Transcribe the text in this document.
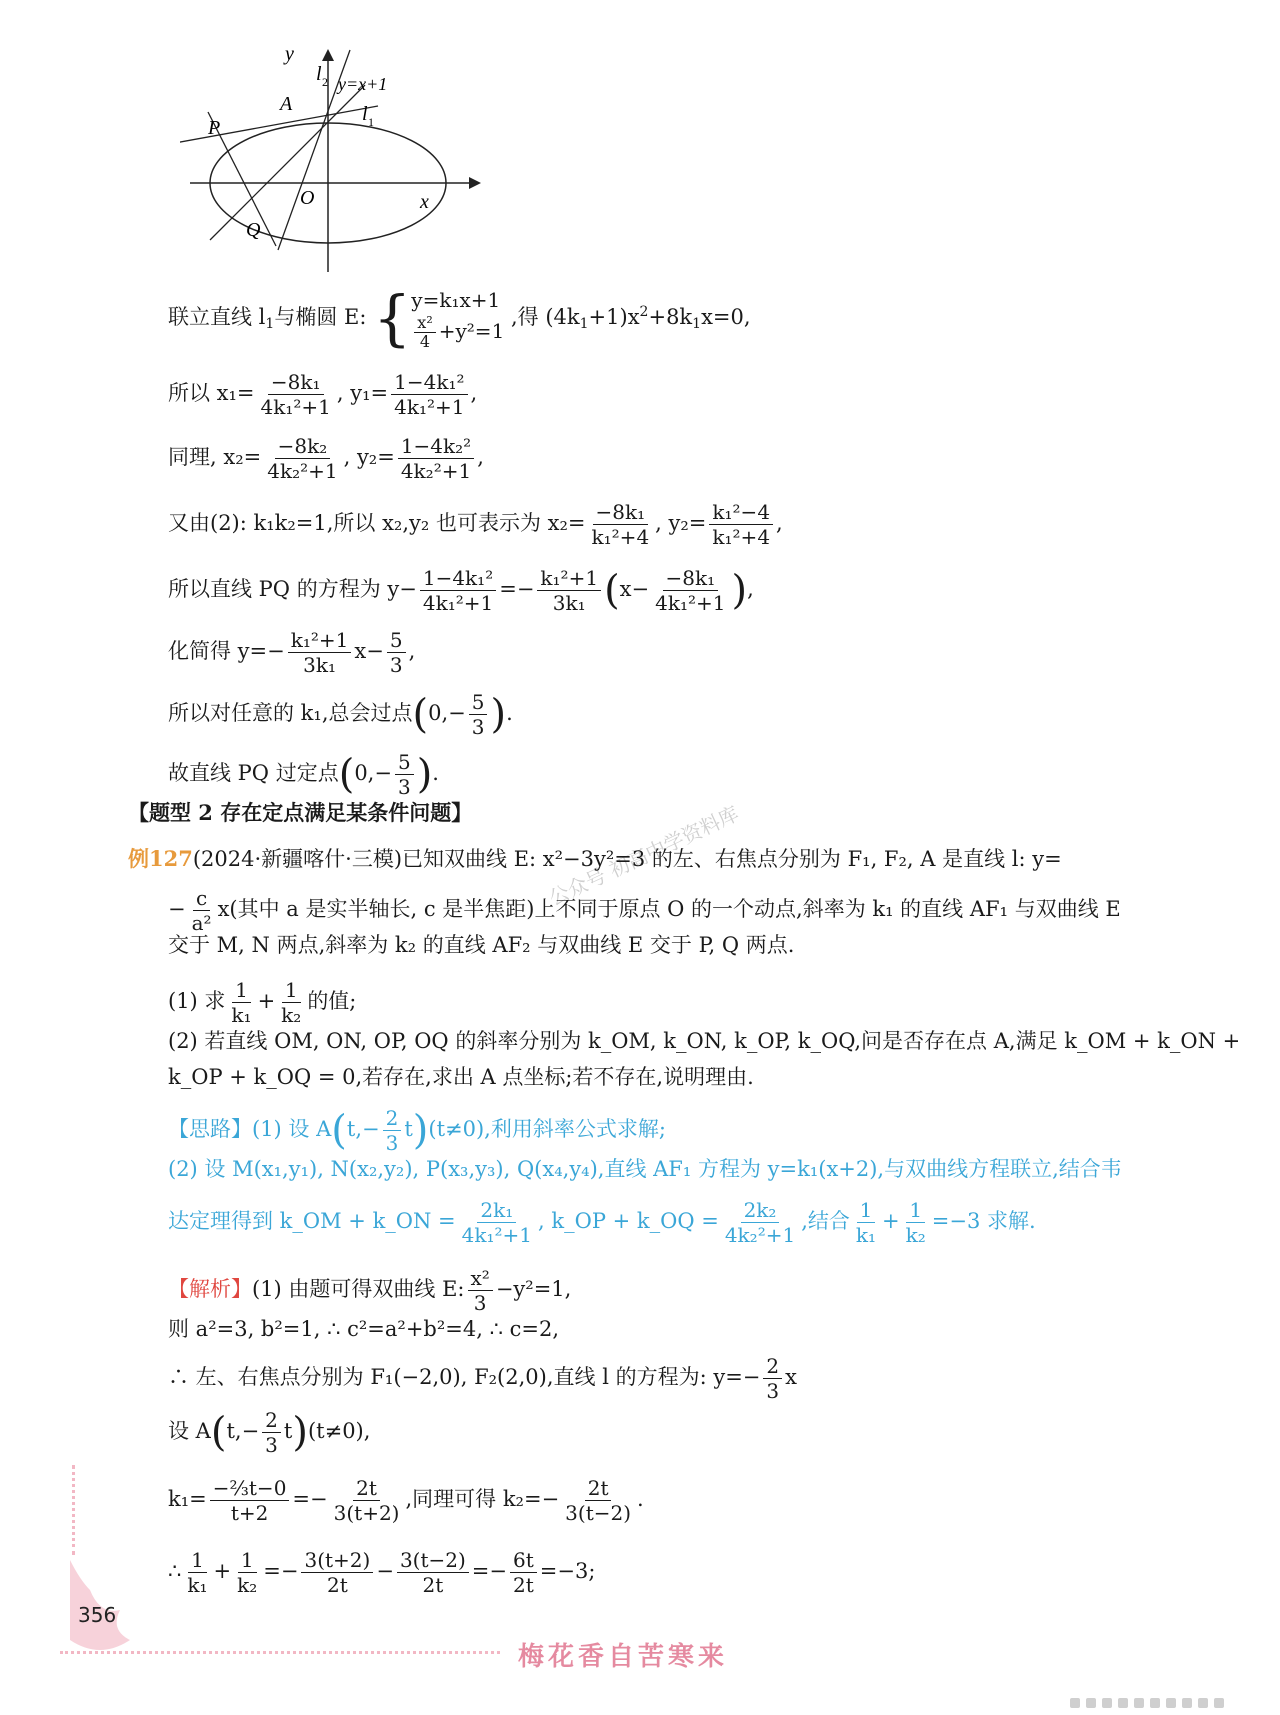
y
x
O
A
P
Q
l 2 y=x+1
l 1
联立直线 l1与椭圆 E: { y=k₁x+1
$\frac{\text{x²}}{4} +y^2=1$
,得 $(4k1+1)x^2+8k1x=0$,
所以 $x_1= \frac{\text{−8k₁}}{\text{4k₁²+1}}$ , $y_1= \frac{\text{1−4k₁²}}{\text{4k₁²+1}}$ ,
同理, $x_2= \frac{\text{−8k₂}}{\text{4k₂²+1}}$ , $y_2= \frac{\text{1−4k₂²}}{\text{4k₂²+1}}$ ,
又由(2): k₁k₂=1,所以 x₂,y₂ 也可表示为 $x_2= \frac{\text{−8k₁}}{\text{k₁²+4}}$ , $y_2= \frac{\text{k₁²−4}}{\text{k₁²+4}}$ ,
所以直线 PQ 的方程为 $y- \frac{\text{1−4k₁²}}{\text{4k₁²+1}} =- \frac{\text{k₁²+1}}{\text{3k₁}} (x- \frac{\text{−8k₁}}{\text{4k₁²+1}}$ ),
化简得 $y=- \frac{\text{k₁²+1}}{\text{3k₁}} x- \frac{5}{3}$ ,
所以对任意的 k₁,总会过点($0,- \frac{5}{3}$ ).
故直线 PQ 过定点($0,- \frac{5}{3}$ ).
【题型 2 存在定点满足某条件问题】	公众号 初高中学资料库
例127(2024·新疆喀什·三模)已知双曲线 E: x²−3y²=3 的左、右焦点分别为 F₁, F₂, A 是直线 l: y=
− $\frac{c}{\text{a²}} x$(其中 a 是实半轴长, c 是半焦距)上不同于原点 O 的一个动点,斜率为 k₁ 的直线 AF₁ 与双曲线 E
交于 M, N 两点,斜率为 k₂ 的直线 AF₂ 与双曲线 E 交于 P, Q 两点.
(1) 求 $\frac{1}{\text{k₁}} + \frac{1}{\text{k₂}}$ 的值;
(2) 若直线 OM, ON, OP, OQ 的斜率分别为 k_OM, k_ON, k_OP, k_OQ,问是否存在点 A,满足 k_OM + k_ON +
k_OP + k_OQ = 0,若存在,求出 A 点坐标;若不存在,说明理由.
【思路】(1) 设 $A(t,- \frac{2}{3} t)(t\ne 0)$,利用斜率公式求解;
(2) 设 M(x₁,y₁), N(x₂,y₂), P(x₃,y₃), Q(x₄,y₄),直线 AF₁ 方程为 y=k₁(x+2),与双曲线方程联立,结合韦
达定理得到 k_OM + k_ON = $\frac{\text{2k₁}}{\text{4k₁²+1}}$ , k_OP + k_OQ = $\frac{\text{2k₂}}{\text{4k₂²+1}}$ ,结合 $\frac{1}{\text{k₁}} + \frac{1}{\text{k₂}} =-3$ 求解.
【解析】(1) 由题可得双曲线 E: $\frac{\text{x²}}{3} -y^2=1$,
则 a²=3, b²=1, ∴ c²=a²+b²=4, ∴ c=2,
∴ 左、右焦点分别为 F₁(−2,0), F₂(2,0),直线 l 的方程为: $y=- \frac{2}{3}$ x
设 $A(t,- \frac{2}{3} t)(t\ne 0)$,
$k_1= \frac{\text{−⅔t−0}}{t+2} =- \frac{2t}{3(t+2)}$ ,同理可得 $k_2=- \frac{2t}{3(t-2)}$ .
∴ $\frac{1}{\text{k₁}} + \frac{1}{\text{k₂}} =- \frac{3(t+2)}{2t} - \frac{3(t-2)}{2t} =- \frac{6t}{2t} =-3$;
356
梅花香自苦寒来
